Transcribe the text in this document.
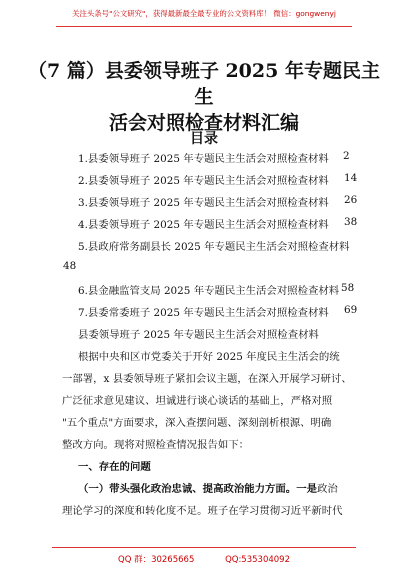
关注头条号"公文研究"，获得最新最全最专业的公文资料库！ 微信：gongwenyj
（7 篇）县委领导班子 2025 年专题民主生
活会对照检查材料汇编
目录
1.县委领导班子 2025 年专题民主生活会对照检查材料 2
2.县委领导班子 2025 年专题民主生活会对照检查材料 14
3.县委领导班子 2025 年专题民主生活会对照检查材料 26
4.县委领导班子 2025 年专题民主生活会对照检查材料 38
5.县政府常务副县长 2025 年专题民主生活会对照检查材料
48
6.县金融监管支局 2025 年专题民主生活会对照检查材料 58
7.县委常委班子 2025 年专题民主生活会对照检查材料 69
县委领导班子 2025 年专题民主生活会对照检查材料
根据中央和区市党委关于开好 2025 年度民主生活会的统
一部署，x 县委领导班子紧扣会议主题，在深入开展学习研讨、
广泛征求意见建议、坦诚进行谈心谈话的基础上，严格对照
"五个重点"方面要求，深入查摆问题、深刻剖析根源、明确
整改方向。现将对照检查情况报告如下：
一、存在的问题
（一）带头强化政治忠诚、提高政治能力方面。一是政治
理论学习的深度和转化度不足。班子在学习贯彻习近平新时代
QQ 群：30265665	QQ:535304092
